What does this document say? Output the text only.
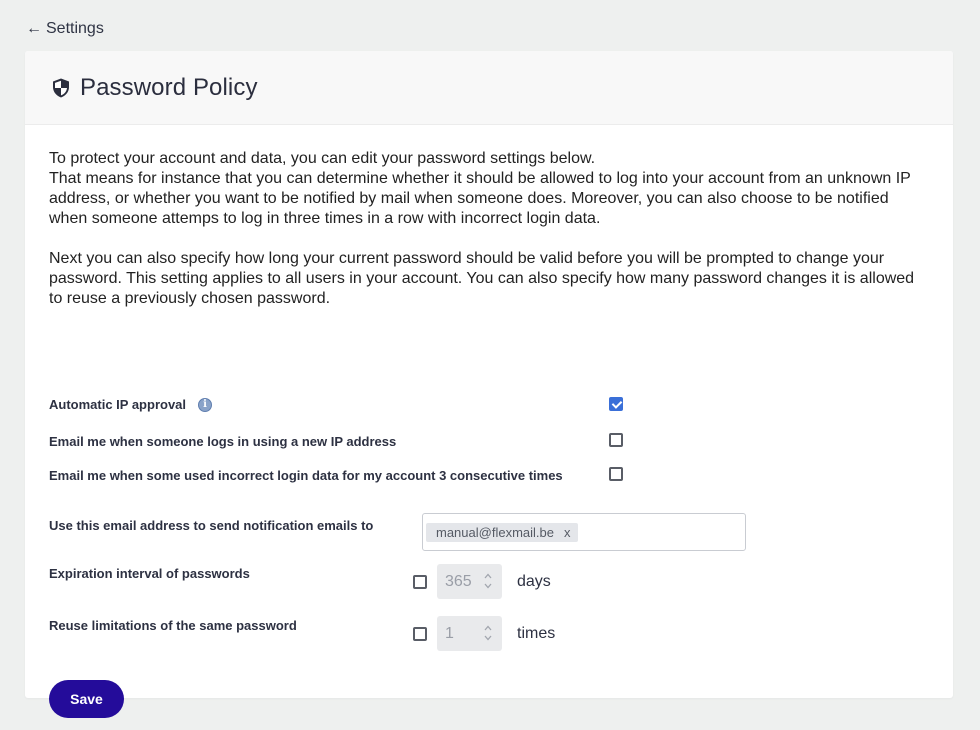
← Settings
Password Policy

To protect your account and data, you can edit your password settings below.

That means for instance that you can determine whether it should be allowed to log into your account from an unknown IP address, or whether you want to be notified by mail when someone does. Moreover, you can also choose to be notified when someone attemps to log in three times in a row with incorrect login data.

Next you can also specify how long your current password should be valid before you will be prompted to change your password. This setting applies to all users in your account. You can also specify how many password changes it is allowed to reuse a previously chosen password.

Automatic IP approval	i
Email me when someone logs in using a new IP address
Email me when some used incorrect login data for my account 3 consecutive times
Use this email address to send notification emails to	manual@flexmail.be x
Expiration interval of passwords	365	days
Reuse limitations of the same password	1	times
Save
